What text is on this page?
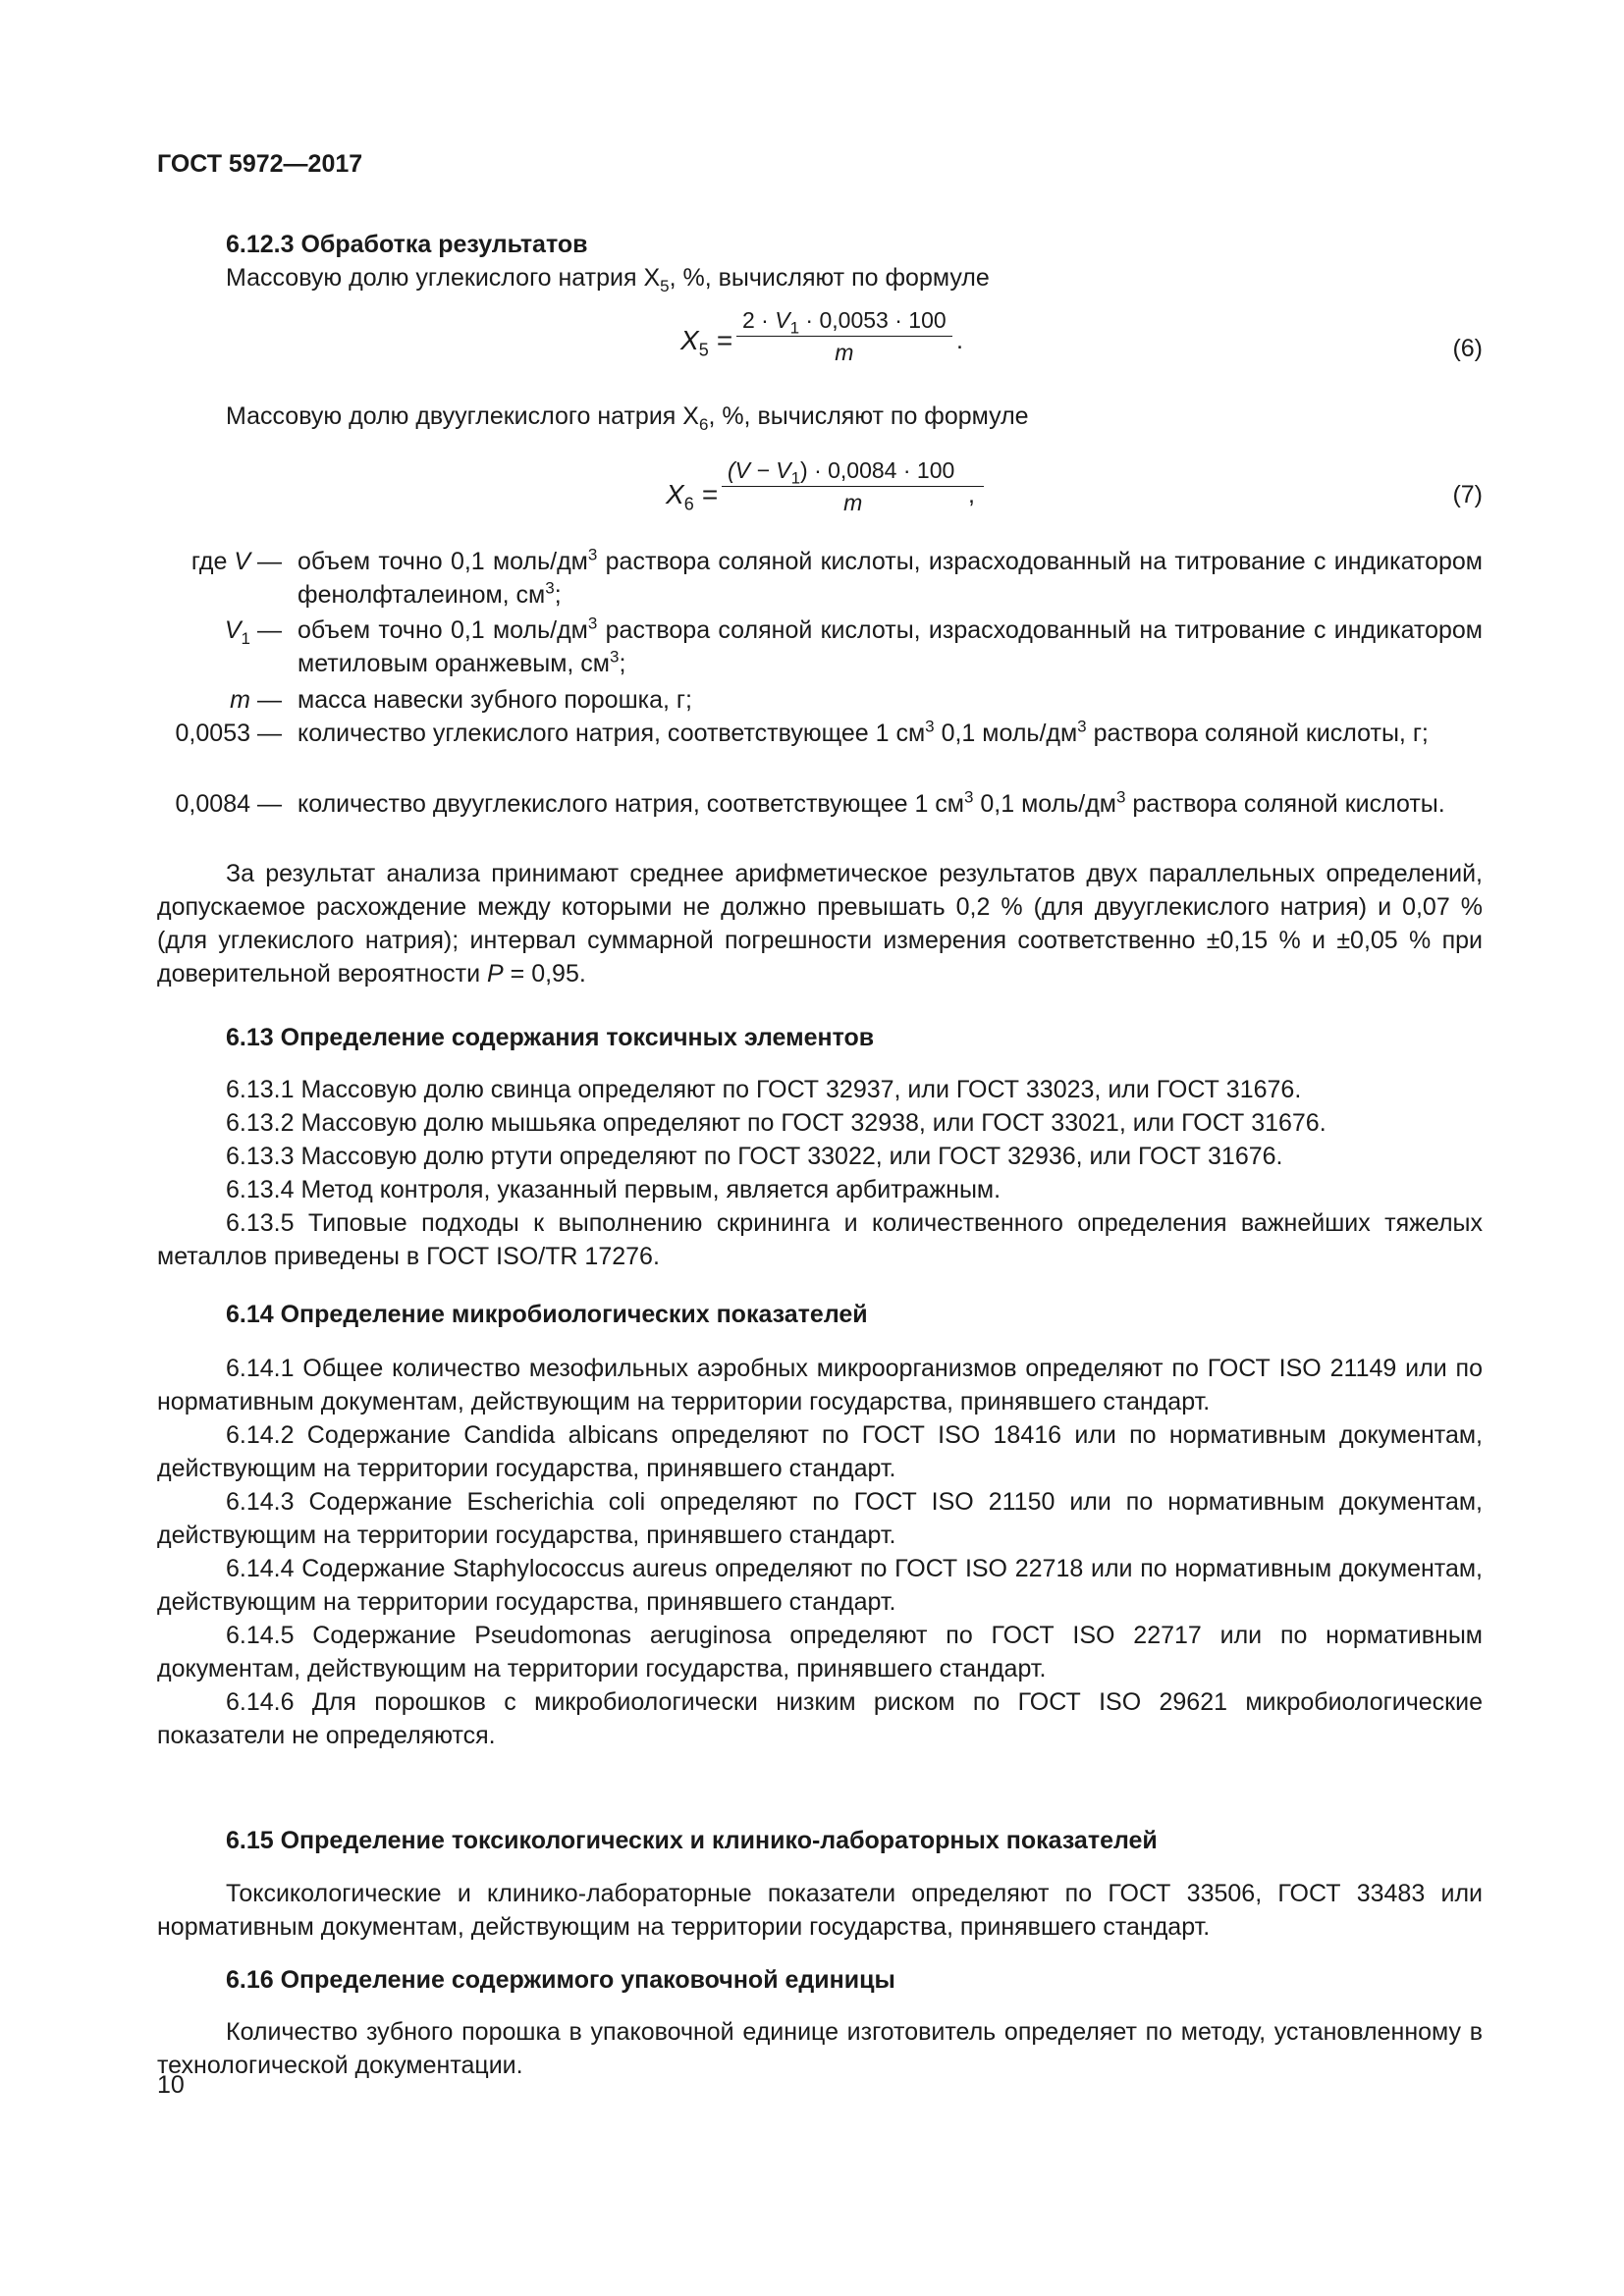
ГОСТ 5972—2017
6.12.3 Обработка результатов
Массовую долю углекислого натрия $X_5$, %, вычисляют по формуле
$X_5 = \frac{2 \cdot V_1 \cdot 0,0053 \cdot 100}{m}$ .	(6)
Массовую долю двууглекислого натрия $X_6$, %, вычисляют по формуле
$X_6 = \frac{(V - V_1) \cdot 0,0084 \cdot 100}{m}$
,	(7)
где V — объем точно 0,1 моль/$дм^3$ раствора соляной кислоты, израсходованный на титрование с индикатором фенолфталеином, $см^3$;
$V_1$ — объем точно 0,1 моль/$дм^3$ раствора соляной кислоты, израсходованный на титрование с индикатором метиловым оранжевым, $см^3$;
m — масса навески зубного порошка, г;
0,0053 — количество углекислого натрия, соответствующее 1 $см^3$ 0,1 моль/$дм^3$ раствора соляной кислоты, г;
0,0084 — количество двууглекислого натрия, соответствующее 1 $см^3$ 0,1 моль/$дм^3$ раствора соляной кислоты.

За результат анализа принимают среднее арифметическое результатов двух параллельных определений, допускаемое расхождение между которыми не должно превышать 0,2 % (для двууглекислого натрия) и 0,07 % (для углекислого натрия); интервал суммарной погрешности измерения соответственно ±0,15 % и ±0,05 % при доверительной вероятности P = 0,95.

6.13 Определение содержания токсичных элементов

6.13.1 Массовую долю свинца определяют по ГОСТ 32937, или ГОСТ 33023, или ГОСТ 31676.

6.13.2 Массовую долю мышьяка определяют по ГОСТ 32938, или ГОСТ 33021, или ГОСТ 31676.

6.13.3 Массовую долю ртути определяют по ГОСТ 33022, или ГОСТ 32936, или ГОСТ 31676.

6.13.4 Метод контроля, указанный первым, является арбитражным.

6.13.5 Типовые подходы к выполнению скрининга и количественного определения важнейших тяжелых металлов приведены в ГОСТ ISO/TR 17276.

6.14 Определение микробиологических показателей

6.14.1 Общее количество мезофильных аэробных микроорганизмов определяют по ГОСТ ISO 21149 или по нормативным документам, действующим на территории государства, принявшего стандарт.

6.14.2 Содержание Candida albicans определяют по ГОСТ ISO 18416 или по нормативным документам, действующим на территории государства, принявшего стандарт.

6.14.3 Содержание Escherichia coli определяют по ГОСТ ISO 21150 или по нормативным документам, действующим на территории государства, принявшего стандарт.

6.14.4 Содержание Staphylococcus aureus определяют по ГОСТ ISO 22718 или по нормативным документам, действующим на территории государства, принявшего стандарт.

6.14.5 Содержание Pseudomonas aeruginosa определяют по ГОСТ ISO 22717 или по нормативным документам, действующим на территории государства, принявшего стандарт.

6.14.6 Для порошков с микробиологически низким риском по ГОСТ ISO 29621 микробиологические показатели не определяются.

6.15 Определение токсикологических и клинико-лабораторных показателей

Токсикологические и клинико-лабораторные показатели определяют по ГОСТ 33506, ГОСТ 33483 или нормативным документам, действующим на территории государства, принявшего стандарт.

6.16 Определение содержимого упаковочной единицы

Количество зубного порошка в упаковочной единице изготовитель определяет по методу, установленному в технологической документации.

10
